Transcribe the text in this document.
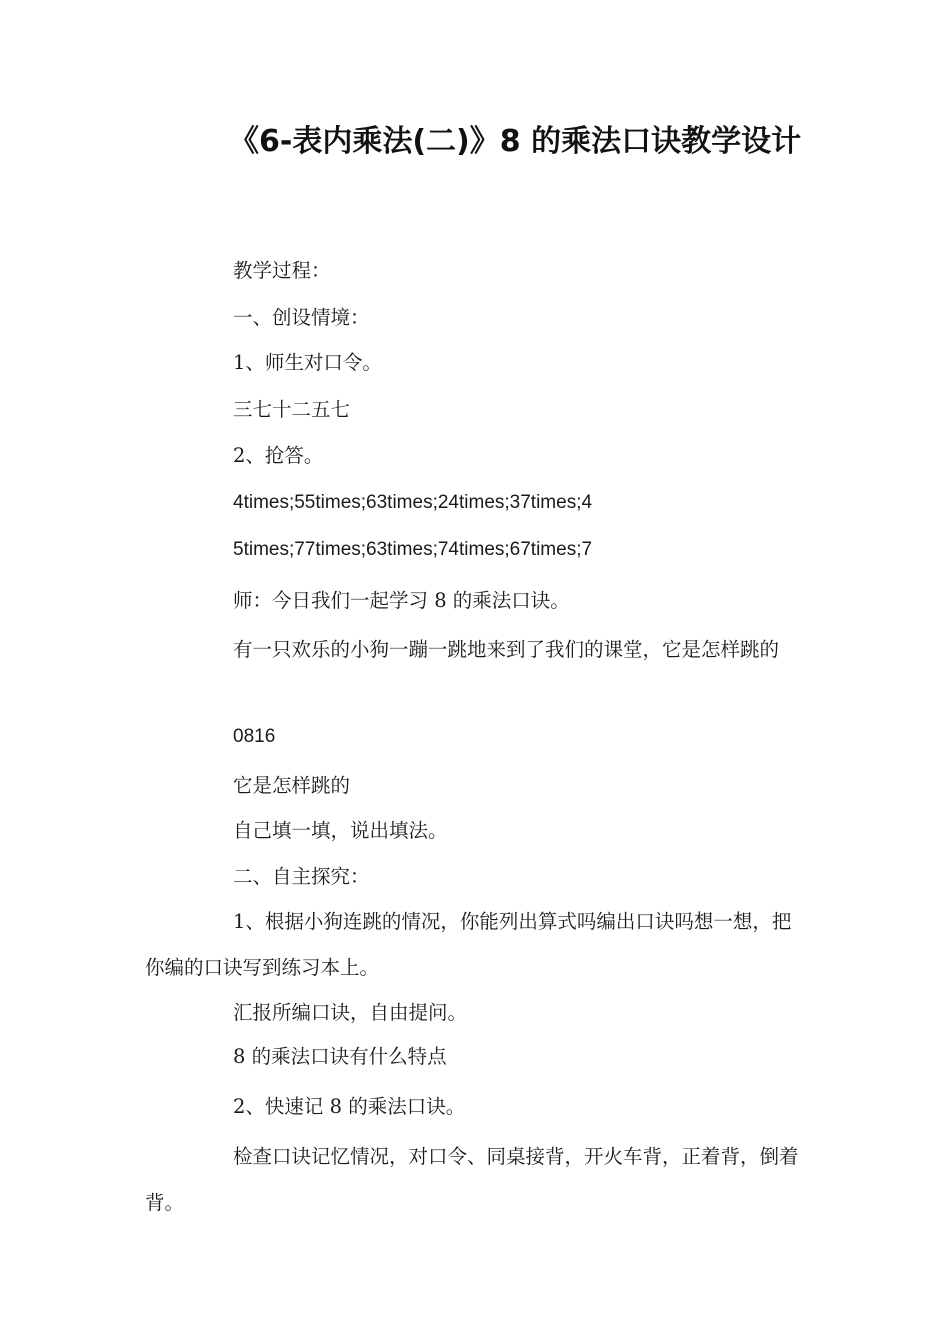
《6-表内乘法(二)》8 的乘法口诀教学设计

教学过程：

一、创设情境：

1、师生对口令。

三七十二五七

2、抢答。

4times;55times;63times;24times;37times;4

5times;77times;63times;74times;67times;7

师：今日我们一起学习 8 的乘法口诀。

有一只欢乐的小狗一蹦一跳地来到了我们的课堂，它是怎样跳的

0816

它是怎样跳的

自己填一填，说出填法。

二、自主探究：

1、根据小狗连跳的情况，你能列出算式吗编出口诀吗想一想，把你编的口诀写到练习本上。

汇报所编口诀，自由提问。

8 的乘法口诀有什么特点

2、快速记 8 的乘法口诀。

检查口诀记忆情况，对口令、同桌接背，开火车背，正着背，倒着背。
